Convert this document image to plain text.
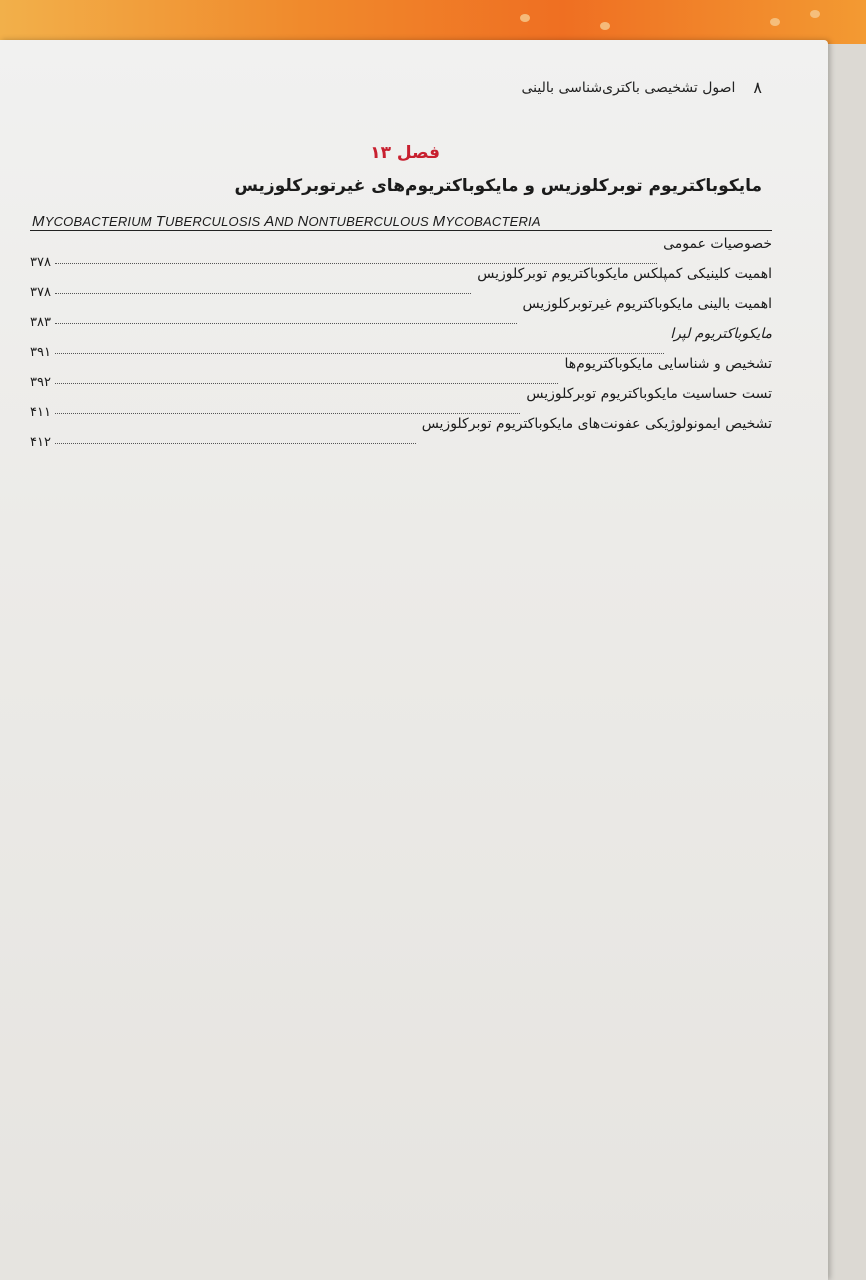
۸
اصول تشخیصی باکتری‌شناسی بالینی
فصل ۱۳
مایکوباکتریوم توبرکلوزیس و مایکوباکتریوم‌های غیرتوبرکلوزیس
MYCOBACTERIUM TUBERCULOSIS AND NONTUBERCULOUS MYCOBACTERIA
خصوصیات عمومی
۳۷۸
اهمیت کلینیکی کمپلکس مایکوباکتریوم توبرکلوزیس
۳۷۸
اهمیت بالینی مایکوباکتریوم غیرتوبرکلوزیس
۳۸۳
مایکوباکتریوم لپرا
۳۹۱
تشخیص و شناسایی مایکوباکتریوم‌ها
۳۹۲
تست حساسیت مایکوباکتریوم توبرکلوزیس
۴۱۱
تشخیص ایمونولوژیکی عفونت‌های مایکوباکتریوم توبرکلوزیس
۴۱۲
